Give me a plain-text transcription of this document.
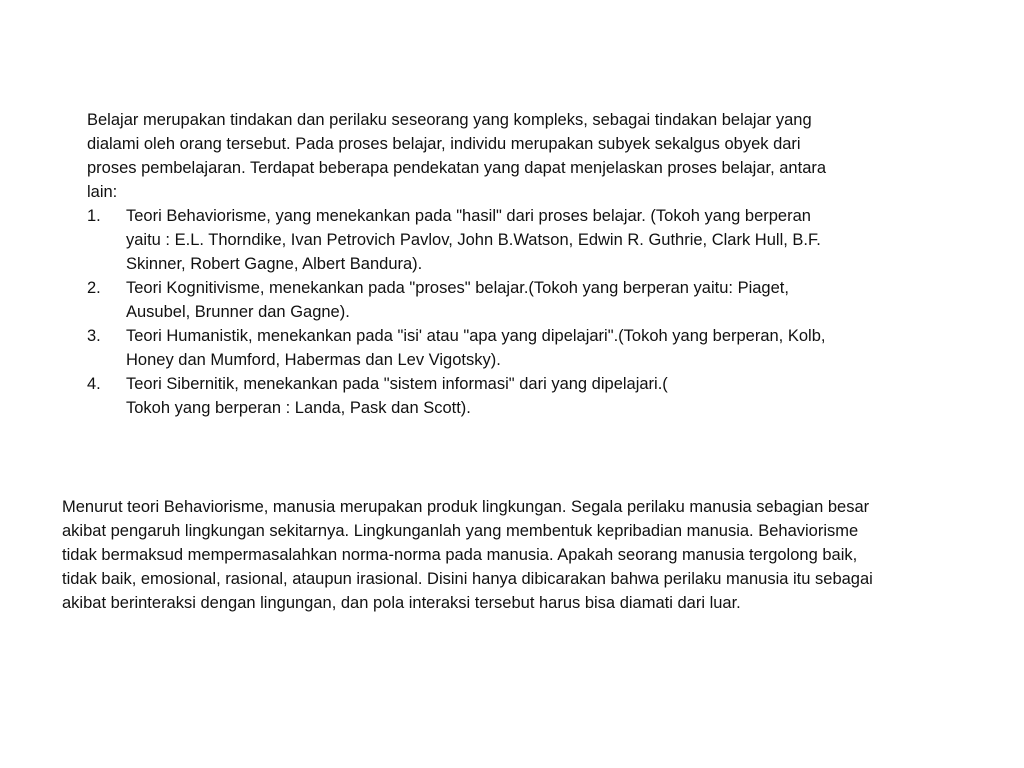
Belajar merupakan tindakan dan perilaku seseorang yang kompleks, sebagai tindakan belajar yang
dialami oleh orang tersebut. Pada proses belajar, individu merupakan subyek sekalgus obyek dari
proses pembelajaran. Terdapat beberapa pendekatan yang dapat menjelaskan proses belajar, antara
lain:

1. Teori Behaviorisme, yang menekankan pada "hasil" dari proses belajar. (Tokoh yang berperan
yaitu : E.L. Thorndike, Ivan Petrovich Pavlov, John B.Watson, Edwin R. Guthrie, Clark Hull, B.F.
Skinner, Robert Gagne, Albert Bandura).
2. Teori Kognitivisme, menekankan pada "proses" belajar.(Tokoh yang berperan yaitu: Piaget,
Ausubel, Brunner dan Gagne).
3. Teori Humanistik, menekankan pada "isi' atau "apa yang dipelajari".(Tokoh yang berperan, Kolb,
Honey dan Mumford, Habermas dan Lev Vigotsky).
4. Teori Sibernitik, menekankan pada "sistem informasi" dari yang dipelajari.(
Tokoh yang berperan : Landa, Pask dan Scott).

Menurut teori Behaviorisme, manusia merupakan produk lingkungan. Segala perilaku manusia sebagian besar
akibat pengaruh lingkungan sekitarnya. Lingkunganlah yang membentuk kepribadian manusia. Behaviorisme
tidak bermaksud mempermasalahkan norma-norma pada manusia. Apakah seorang manusia tergolong baik,
tidak baik, emosional, rasional, ataupun irasional. Disini hanya dibicarakan bahwa perilaku manusia itu sebagai
akibat berinteraksi dengan lingungan, dan pola interaksi tersebut harus bisa diamati dari luar.
